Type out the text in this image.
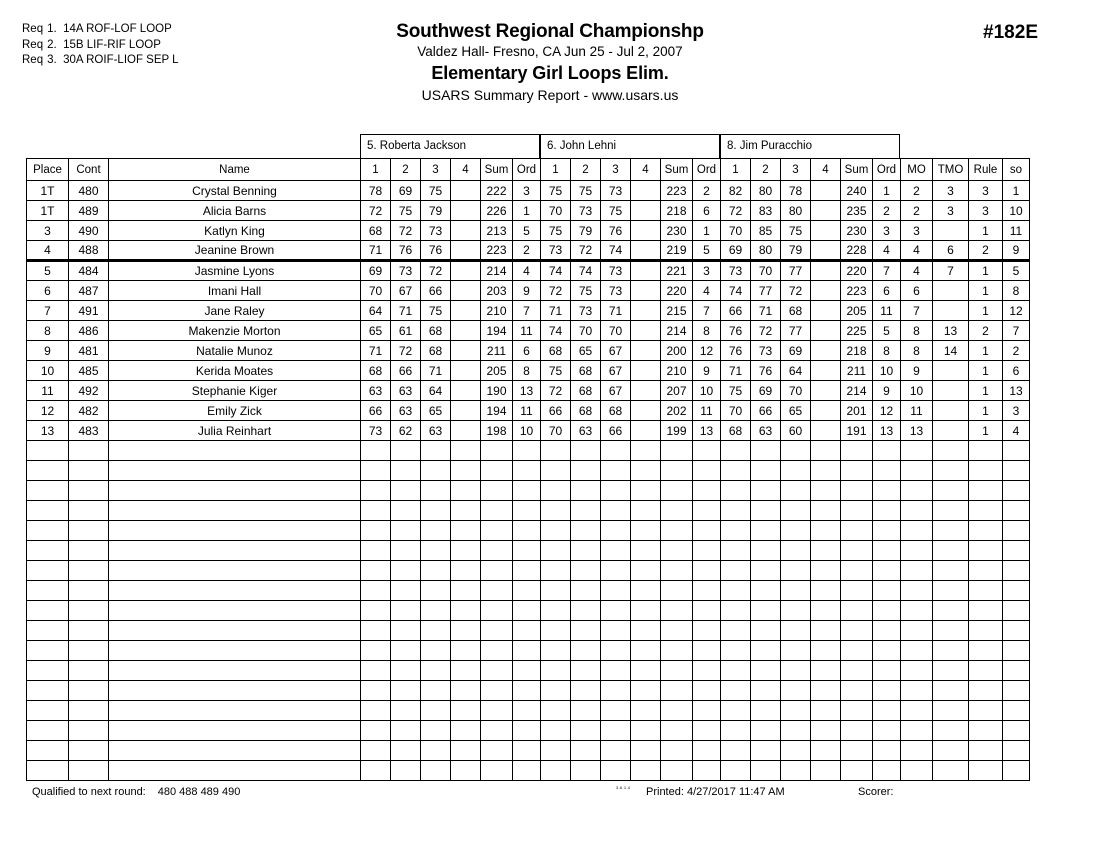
Req 1. 14A ROF-LOF LOOP
Req 2. 15B LIF-RIF LOOP
Req 3. 30A ROIF-LIOF SEP L
Southwest Regional Championshp
Valdez Hall- Fresno, CA Jun 25 - Jul 2, 2007
Elementary Girl Loops Elim.
USARS Summary Report - www.usars.us
#182E
5. Roberta Jackson	6. John Lehni	8. Jim Puracchio
Place	Cont	Name	1	2	3	4	Sum	Ord	1	2	3	4	Sum	Ord	1	2	3	4	Sum	Ord	MO	TMO	Rule	so
1T	480	Crystal Benning	78	69	75		222	3	75	75	73		223	2	82	80	78		240	1	2	3	3	1
1T	489	Alicia Barns	72	75	79		226	1	70	73	75		218	6	72	83	80		235	2	2	3	3	10
3	490	Katlyn King	68	72	73		213	5	75	79	76		230	1	70	85	75		230	3	3		1	11
4	488	Jeanine Brown	71	76	76		223	2	73	72	74		219	5	69	80	79		228	4	4	6	2	9
5	484	Jasmine Lyons	69	73	72		214	4	74	74	73		221	3	73	70	77		220	7	4	7	1	5
6	487	Imani Hall	70	67	66		203	9	72	75	73		220	4	74	77	72		223	6	6		1	8
7	491	Jane Raley	64	71	75		210	7	71	73	71		215	7	66	71	68		205	11	7		1	12
8	486	Makenzie Morton	65	61	68		194	11	74	70	70		214	8	76	72	77		225	5	8	13	2	7
9	481	Natalie Munoz	71	72	68		211	6	68	65	67		200	12	76	73	69		218	8	8	14	1	2
10	485	Kerida Moates	68	66	71		205	8	75	68	67		210	9	71	76	64		211	10	9		1	6
11	492	Stephanie Kiger	63	63	64		190	13	72	68	67		207	10	75	69	70		214	9	10		1	13
12	482	Emily Zick	66	63	65		194	11	66	68	68		202	11	70	66	65		201	12	11		1	3
13	483	Julia Reinhart	73	62	63		198	10	70	63	66		199	13	68	63	60		191	13	13		1	4

Qualified to next round: 480 488 489 490	3.6.1.4 Printed: 4/27/2017 11:47 AM	Scorer:
